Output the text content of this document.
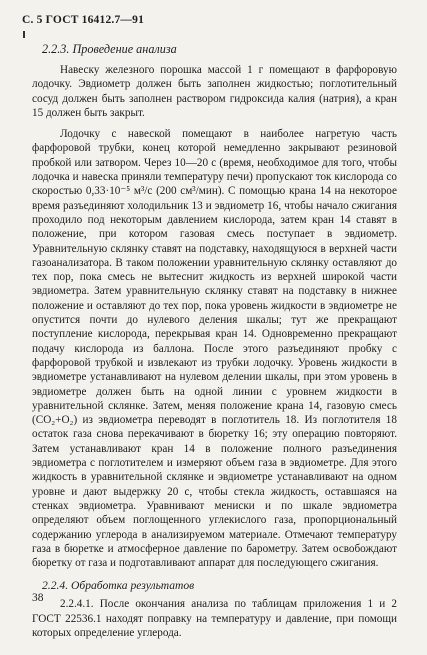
С. 5 ГОСТ 16412.7—91
2.2.3. Проведение анализа

Навеску железного порошка массой 1 г помещают в фарфоровую лодочку. Эвдиометр должен быть заполнен жидкостью; поглотительный сосуд должен быть заполнен раствором гидроксида калия (натрия), а кран 15 должен быть закрыт.

Лодочку с навеской помещают в наиболее нагретую часть фарфоровой трубки, конец которой немедленно закрывают резиновой пробкой или затвором. Через 10—20 с (время, необходимое для того, чтобы лодочка и навеска приняли температуру печи) пропускают ток кислорода со скоростью 0,33·10⁻⁵ м³/с (200 см³/мин). С помощью крана 14 на некоторое время разъединяют холодильник 13 и эвдиометр 16, чтобы начало сжигания проходило под некоторым давлением кислорода, затем кран 14 ставят в положение, при котором газовая смесь поступает в эвдиометр. Уравнительную склянку ставят на подставку, находящуюся в верхней части газоанализатора. В таком положении уравнительную склянку оставляют до тех пор, пока смесь не вытеснит жидкость из верхней широкой части эвдиометра. Затем уравнительную склянку ставят на подставку в нижнее положение и оставляют до тех пор, пока уровень жидкости в эвдиометре не опустится почти до нулевого деления шкалы; тут же прекращают поступление кислорода, перекрывая кран 14. Одновременно прекращают подачу кислорода из баллона. После этого разъединяют пробку с фарфоровой трубкой и извлекают из трубки лодочку. Уровень жидкости в эвдиометре устанавливают на нулевом делении шкалы, при этом уровень в эвдиометре должен быть на одной линии с уровнем жидкости в уравнительной склянке. Затем, меняя положение крана 14, газовую смесь (CO₂+O₂) из эвдиометра переводят в поглотитель 18. Из поглотителя 18 остаток газа снова перекачивают в бюретку 16; эту операцию повторяют. Затем устанавливают кран 14 в положение полного разъединения эвдиометра с поглотителем и измеряют объем газа в эвдиометре. Для этого жидкость в уравнительной склянке и эвдиометре устанавливают на одном уровне и дают выдержку 20 с, чтобы стекла жидкость, оставшаяся на стенках эвдиометра. Уравнивают мениски и по шкале эвдиометра определяют объем поглощенного углекислого газа, пропорциональный содержанию углерода в анализируемом материале. Отмечают температуру газа в бюретке и атмосферное давление по барометру. Затем освобождают бюретку от газа и подготавливают аппарат для последующего сжигания.

2.2.4. Обработка результатов

2.2.4.1. После окончания анализа по таблицам приложения 1 и 2 ГОСТ 22536.1 находят поправку на температуру и давление, при помощи которых определение углерода.

38
